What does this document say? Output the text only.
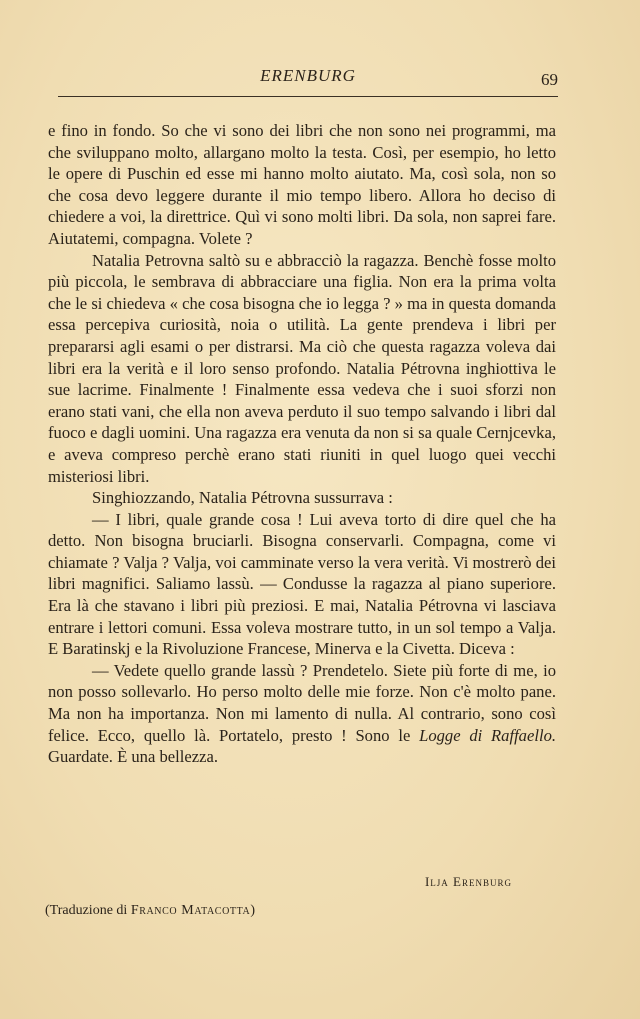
ERENBURG	69

e fino in fondo. So che vi sono dei libri che non sono nei programmi, ma che sviluppano molto, allargano molto la testa. Così, per esempio, ho letto le opere di Puschin ed esse mi hanno molto aiutato. Ma, così sola, non so che cosa devo leggere durante il mio tempo libero. Allora ho deciso di chiedere a voi, la direttrice. Quì vi sono molti libri. Da sola, non saprei fare. Aiutatemi, compagna. Volete ?

Natalia Petrovna saltò su e abbracciò la ragazza. Benchè fosse molto più piccola, le sembrava di abbracciare una figlia. Non era la prima volta che le si chiedeva « che cosa bisogna che io legga ? » ma in questa domanda essa percepiva curiosità, noia o utilità. La gente prendeva i libri per prepararsi agli esami o per distrarsi. Ma ciò che questa ragazza voleva dai libri era la verità e il loro senso profondo. Natalia Pétrovna inghiottiva le sue lacrime. Finalmente ! Finalmente essa vedeva che i suoi sforzi non erano stati vani, che ella non aveva perduto il suo tempo salvando i libri dal fuoco e dagli uomini. Una ragazza era venuta da non si sa quale Cernjcevka, e aveva compreso perchè erano stati riuniti in quel luogo quei vecchi misteriosi libri.

Singhiozzando, Natalia Pétrovna sussurrava :

— I libri, quale grande cosa ! Lui aveva torto di dire quel che ha detto. Non bisogna bruciarli. Bisogna conservarli. Compagna, come vi chiamate ? Valja ? Valja, voi camminate verso la vera verità. Vi mostrerò dei libri magnifici. Saliamo lassù. — Condusse la ragazza al piano superiore. Era là che stavano i libri più preziosi. E mai, Natalia Pétrovna vi lasciava entrare i lettori comuni. Essa voleva mostrare tutto, in un sol tempo a Valja. E Baratinskj e la Rivoluzione Francese, Minerva e la Civetta. Diceva :

— Vedete quello grande lassù ? Prendetelo. Siete più forte di me, io non posso sollevarlo. Ho perso molto delle mie forze. Non c'è molto pane. Ma non ha importanza. Non mi lamento di nulla. Al contrario, sono così felice. Ecco, quello là. Portatelo, presto ! Sono le Logge di Raffaello. Guardate. È una bellezza.

Ilja Erenburg
(Traduzione di Franco Matacotta)
